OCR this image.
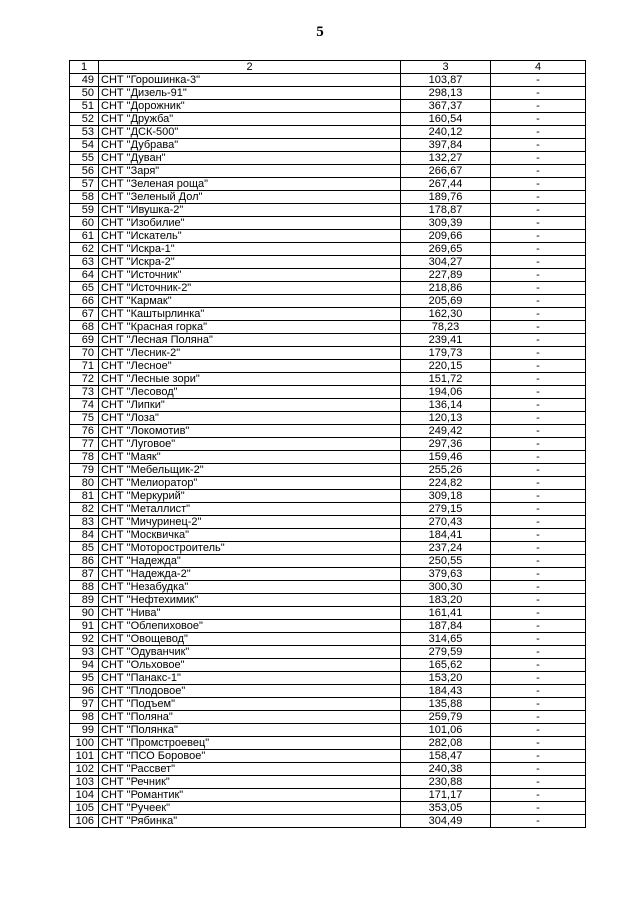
5
1	2	3	4
49	СНТ "Горошинка-3"	103,87	-
50	СНТ "Дизель-91"	298,13	-
51	СНТ "Дорожник"	367,37	-
52	СНТ "Дружба"	160,54	-
53	СНТ "ДСК-500"	240,12	-
54	СНТ "Дубрава"	397,84	-
55	СНТ "Дуван"	132,27	-
56	СНТ "Заря"	266,67	-
57	СНТ "Зеленая роща"	267,44	-
58	СНТ "Зеленый Дол"	189,76	-
59	СНТ "Ивушка-2"	178,87	-
60	СНТ "Изобилие"	309,39	-
61	СНТ "Искатель"	209,66	-
62	СНТ "Искра-1"	269,65	-
63	СНТ "Искра-2"	304,27	-
64	СНТ "Источник"	227,89	-
65	СНТ "Источник-2"	218,86	-
66	СНТ "Кармак"	205,69	-
67	СНТ "Каштырлинка"	162,30	-
68	СНТ "Красная горка"	78,23	-
69	СНТ "Лесная Поляна"	239,41	-
70	СНТ "Лесник-2"	179,73	-
71	СНТ "Лесное"	220,15	-
72	СНТ "Лесные зори"	151,72	-
73	СНТ "Лесовод"	194,06	-
74	СНТ "Липки"	136,14	-
75	СНТ "Лоза"	120,13	-
76	СНТ "Локомотив"	249,42	-
77	СНТ "Луговое"	297,36	-
78	СНТ "Маяк"	159,46	-
79	СНТ "Мебельщик-2"	255,26	-
80	СНТ "Мелиоратор"	224,82	-
81	СНТ "Меркурий"	309,18	-
82	СНТ "Металлист"	279,15	-
83	СНТ "Мичуринец-2"	270,43	-
84	СНТ "Москвичка"	184,41	-
85	СНТ "Моторостроитель"	237,24	-
86	СНТ "Надежда"	250,55	-
87	СНТ "Надежда-2"	379,63	-
88	СНТ "Незабудка"	300,30	-
89	СНТ "Нефтехимик"	183,20	-
90	СНТ "Нива"	161,41	-
91	СНТ "Облепиховое"	187,84	-
92	СНТ "Овощевод"	314,65	-
93	СНТ "Одуванчик"	279,59	-
94	СНТ "Ольховое"	165,62	-
95	СНТ "Панакс-1"	153,20	-
96	СНТ "Плодовое"	184,43	-
97	СНТ "Подъем"	135,88	-
98	СНТ "Поляна"	259,79	-
99	СНТ "Полянка"	101,06	-
100	СНТ "Промстроевец"	282,08	-
101	СНТ "ПСО Боровое"	158,47	-
102	СНТ "Рассвет"	240,38	-
103	СНТ "Речник"	230,88	-
104	СНТ "Романтик"	171,17	-
105	СНТ "Ручеек"	353,05	-
106	СНТ "Рябинка"	304,49	-
